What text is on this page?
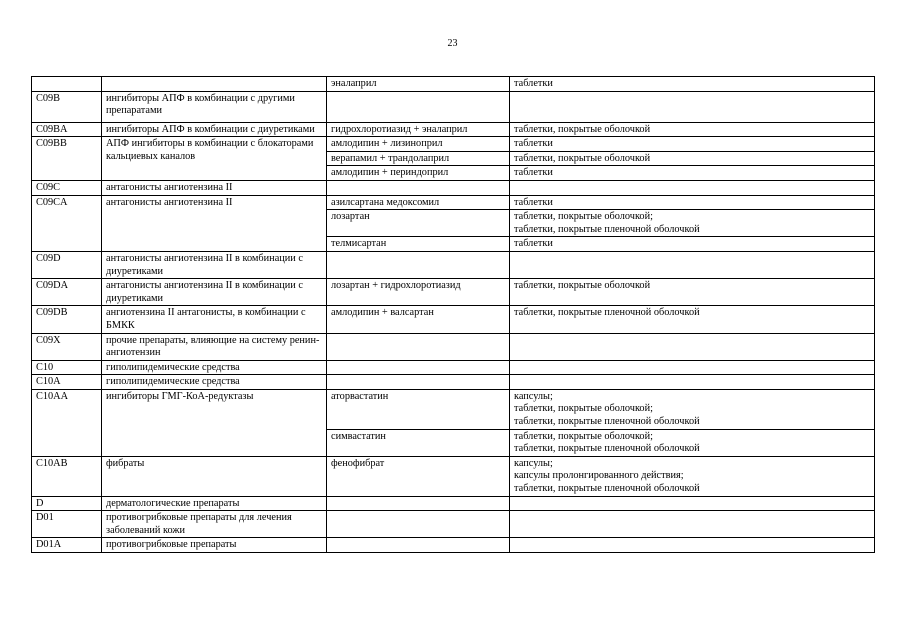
23
		эналаприл	таблетки
C09B	ингибиторы АПФ в комбинации с другими препаратами		
C09BA	ингибиторы АПФ в комбинации с диуретиками	гидрохлоротиазид + эналаприл	таблетки, покрытые оболочкой
C09BB	АПФ ингибиторы в комбинации с блокаторами кальциевых каналов	амлодипин + лизиноприл	таблетки
		верапамил + трандолаприл	таблетки, покрытые оболочкой
		амлодипин + периндоприл	таблетки
C09C	антагонисты ангиотензина II		
C09CA	антагонисты ангиотензина II	азилсартана медоксомил	таблетки
		лозартан	таблетки, покрытые оболочкой;
таблетки, покрытые пленочной оболочкой
		телмисартан	таблетки
C09D	антагонисты ангиотензина II в комбинации с диуретиками		
C09DA	антагонисты ангиотензина II в комбинации с диуретиками	лозартан + гидрохлоротиазид	таблетки, покрытые оболочкой
C09DB	ангиотензина II антагонисты, в комбинации с БМКК	амлодипин + валсартан	таблетки, покрытые пленочной оболочкой
C09X	прочие препараты, влияющие на систему ренин-ангиотензин		
C10	гиполипидемические средства		
C10A	гиполипидемические средства		
C10AA	ингибиторы ГМГ-КоА-редуктазы	аторвастатин	капсулы;
таблетки, покрытые оболочкой;
таблетки, покрытые пленочной оболочкой
		симвастатин	таблетки, покрытые оболочкой;
таблетки, покрытые пленочной оболочкой
C10AB	фибраты	фенофибрат	капсулы;
капсулы пролонгированного действия;
таблетки, покрытые пленочной оболочкой
D	дерматологические препараты		
D01	противогрибковые препараты для лечения заболеваний кожи		
D01A	противогрибковые препараты		
